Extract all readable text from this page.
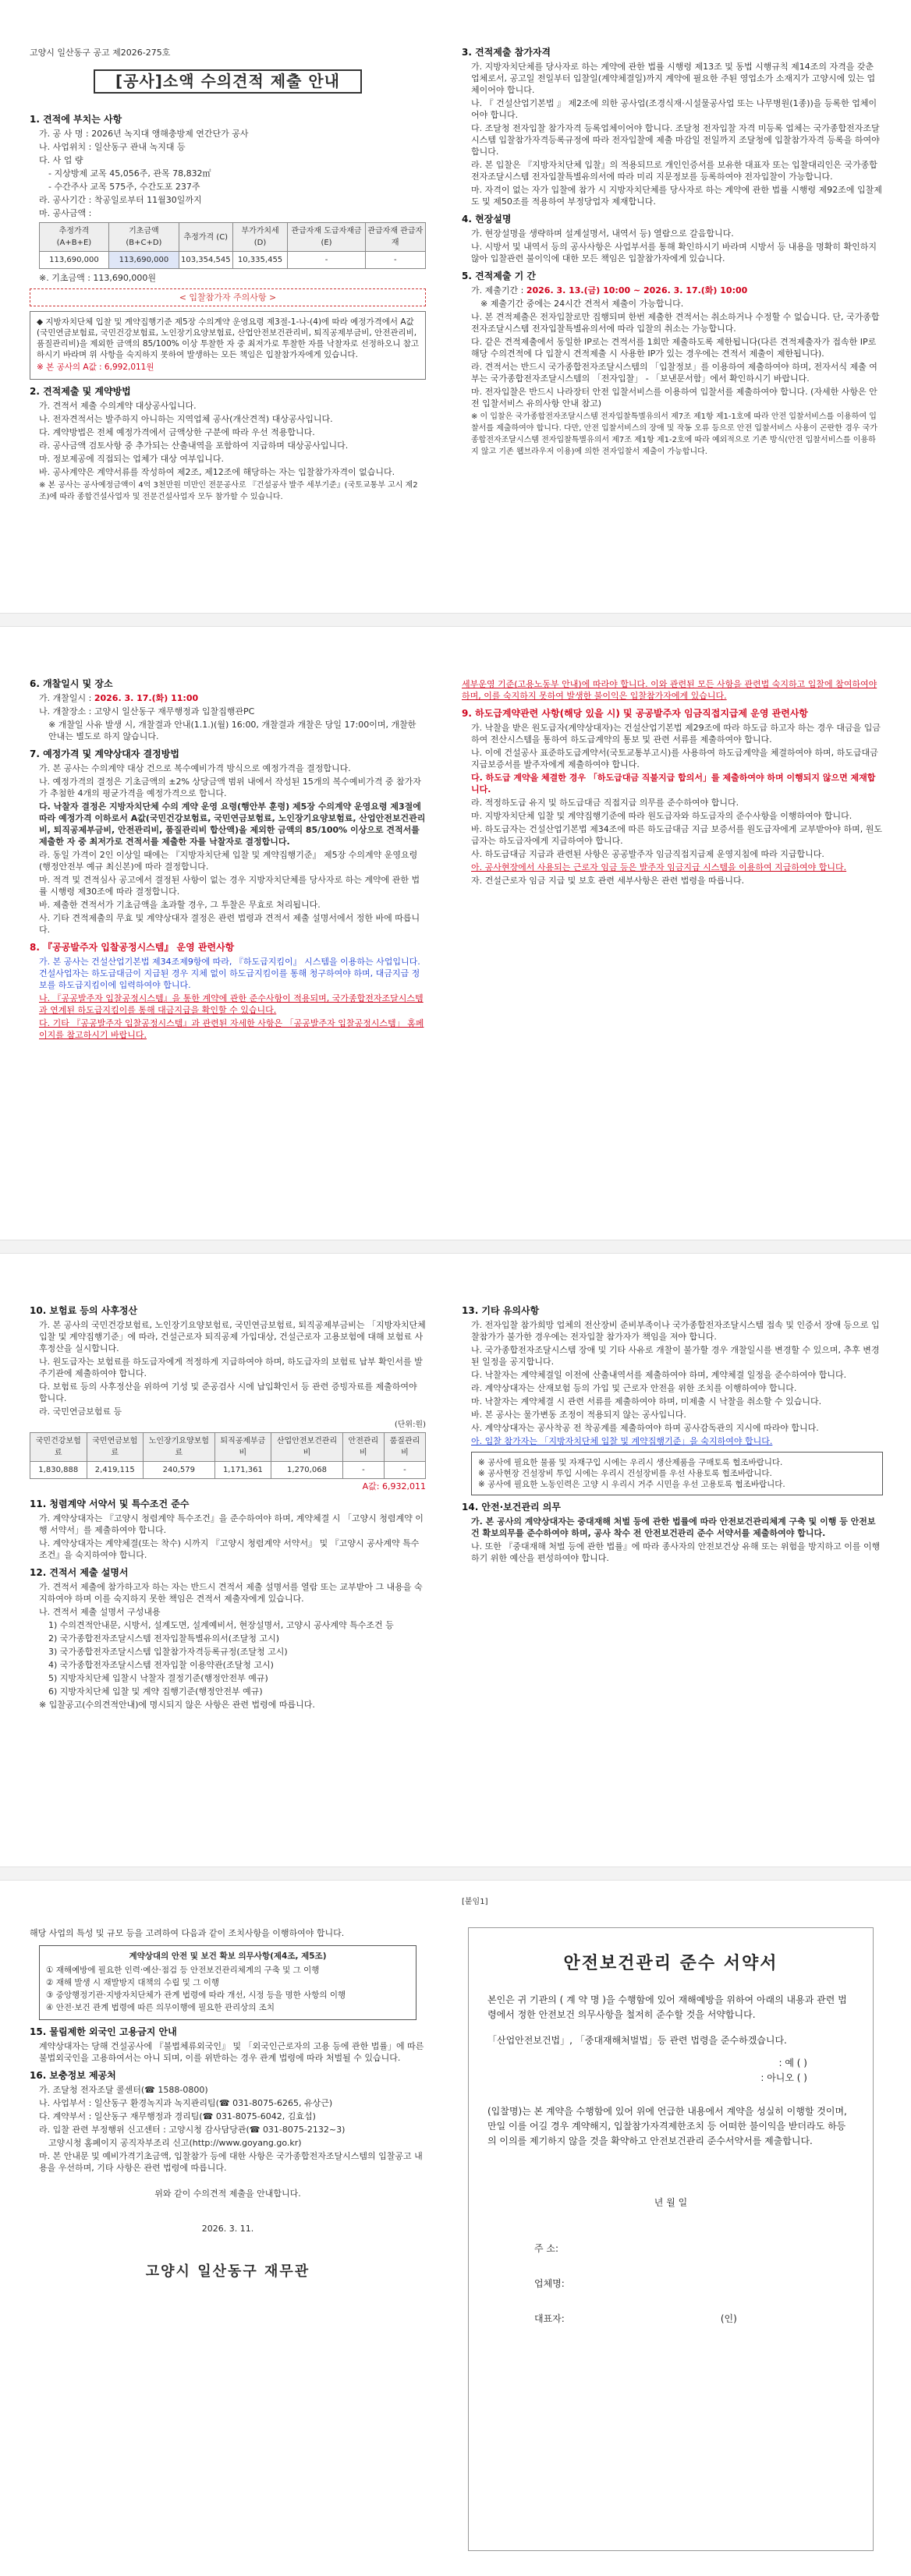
고양시 일산동구 공고 제2026-275호

[공사]소액 수의견적 제출 안내
1. 견적에 부치는 사항

가. 공 사 명 : 2026년 녹지대 앵해충방제 연간단가 공사

나. 사업위치 : 일산동구 관내 녹지대 등

다. 사 업 량

- 지상방제 교목 45,056주, 관목 78,832㎡

- 수간주사 교목 575주, 수간도포 237주

라. 공사기간 : 착공일로부터 11월30일까지

마. 공사금액 :

추정가격 (A+B+E)	기초금액 (B+C+D)	추정가격 (C)	부가가치세 (D)	관급자재 도급자재금(E)	관급자재 관급자재
113,690,000	113,690,000	103,354,545	10,335,455	-	-

※. 기초금액 : 113,690,000원

< 입찰참가자 주의사항 >

◆ 지방자치단체 입찰 및 계약집행기준 제5장 수의계약 운영요령 제3절-1-나-(4)에 따라 예정가격에서 A값(국민연금보험료, 국민건강보험료, 노인장기요양보험료, 산업안전보건관리비, 퇴직공제부금비, 안전관리비, 품질관리비)을 제외한 금액의 85/100% 이상 투찰한 자 중 최저가로 투찰한 자를 낙찰자로 선정하오니 참고하시기 바라며 위 사항을 숙지하지 못하여 발생하는 모든 책임은 입찰참가자에게 있습니다.

※ 본 공사의 A값 : 6,992,011원

2. 견적제출 및 계약방법

가. 견적서 제출 수의계약 대상공사입니다.

나. 전자견적서는 발주하지 아니하는 지역업체 공사(개산견적) 대상공사입니다.

다. 계약방법은 전체 예정가격에서 금액상한 구분에 따라 우선 적용합니다.

라. 공사금액 검토사항 중 추가되는 산출내역을 포함하여 지급하며 대상공사입니다.

마. 정보제공에 직접되는 업체가 대상 여부입니다.

바. 공사계약은 계약서류를 작성하여 제2조, 제12조에 해당하는 자는 입찰참가자격이 없습니다.

※ 본 공사는 공사예정금액이 4억 3천만원 미만인 전문공사로 『건설공사 발주 세부기준』(국토교통부 고시 제2조)에 따라 종합건설사업자 및 전문건설사업자 모두 참가할 수 있습니다.

3. 견적제출 참가자격

가. 지방자치단체를 당사자로 하는 계약에 관한 법률 시행령 제13조 및 동법 시행규칙 제14조의 자격을 갖춘 업체로서, 공고일 전일부터 입찰일(계약체결일)까지 계약에 필요한 주된 영업소가 소재지가 고양시에 있는 업체이어야 합니다.

나. 『 건설산업기본법 』 제2조에 의한 공사업(조경식재·시설물공사업 또는 나무병원(1종))을 등록한 업체이어야 합니다.

다. 조달청 전자입찰 참가자격 등록업체이어야 합니다. 조달청 전자입찰 자격 미등록 업체는 국가종합전자조달시스템 입찰참가자격등록규정에 따라 전자입찰에 제출 마감일 전일까지 조달청에 입찰참가자격 등록을 하여야 합니다.

라. 본 입찰은 『지방자치단체 입찰』의 적용되므로 개인인증서를 보유한 대표자 또는 입찰대리인은 국가종합전자조달시스템 전자입찰특별유의서에 따라 미리 지문정보를 등록하여야 전자입찰이 가능합니다.

마. 자격이 없는 자가 입찰에 참가 시 지방자치단체를 당사자로 하는 계약에 관한 법률 시행령 제92조에 입찰제도 및 제50조를 적용하여 부정당업자 제재합니다.

4. 현장설명

가. 현장설명을 생략하며 설계설명서, 내역서 등) 열람으로 갈음합니다.

나. 시방서 및 내역서 등의 공사사항은 사업부서를 통해 확인하시기 바라며 시방서 등 내용을 명확히 확인하지 않아 입찰관련 불이익에 대한 모든 책임은 입찰참가자에게 있습니다.

5. 견적제출 기 간

가. 제출기간 : 2026. 3. 13.(금) 10:00 ~ 2026. 3. 17.(화) 10:00

※ 제출기간 중에는 24시간 견적서 제출이 가능합니다.

나. 본 견적제출은 전자입찰로만 집행되며 한번 제출한 견적서는 취소하거나 수정할 수 없습니다. 단, 국가종합전자조달시스템 전자입찰특별유의서에 따라 입찰의 취소는 가능합니다.

다. 같은 견적제출에서 동일한 IP로는 견적서를 1회만 제출하도록 제한됩니다(다른 견적제출자가 접속한 IP로 해당 수의견적에 다 입찰시 견적제출 시 사용한 IP가 있는 경우에는 견적서 제출이 제한됩니다).

라. 견적서는 반드시 국가종합전자조달시스템의 「입찰정보」를 이용하여 제출하여야 하며, 전자서식 제출 여부는 국가종합전자조달시스템의 「전자입찰」 - 「보낸문서함」에서 확인하시기 바랍니다.

마. 전자입찰은 반드시 나라장터 안전 입찰서비스를 이용하여 입찰서를 제출하여야 합니다. (자세한 사항은 안전 입찰서비스 유의사항 안내 참고)

※ 이 입찰은 국가종합전자조달시스템 전자입찰특별유의서 제7조 제1항 제1-1호에 따라 안전 입찰서비스를 이용하여 입찰서를 제출하여야 합니다. 다만, 안전 입찰서비스의 장애 및 작동 오류 등으로 안전 입찰서비스 사용이 곤란한 경우 국가종합전자조달시스템 전자입찰특별유의서 제7조 제1항 제1-2호에 따라 예외적으로 기존 방식(안전 입찰서비스를 이용하지 않고 기존 웹브라우저 이용)에 의한 전자입찰서 제출이 가능합니다.

6. 개찰일시 및 장소

가. 개찰일시 : 2026. 3. 17.(화) 11:00

나. 개찰장소 : 고양시 일산동구 재무행정과 입찰집행관PC

※ 개찰일 사유 발생 시, 개찰결과 안내(1.1.)(월) 16:00, 개찰결과 개찰은 당일 17:00이며, 개찰한 안내는 별도로 하지 않습니다.

7. 예정가격 및 계약상대자 결정방법

가. 본 공사는 수의계약 대상 건으로 복수예비가격 방식으로 예정가격을 결정합니다.

나. 예정가격의 결정은 기초금액의 ±2% 상당금액 범위 내에서 작성된 15개의 복수예비가격 중 참가자가 추첨한 4개의 평균가격을 예정가격으로 합니다.

다. 낙찰자 결정은 지방자치단체 수의 계약 운영 요령(행안부 훈령) 제5장 수의계약 운영요령 제3절에 따라 예정가격 이하로서 A값(국민건강보험료, 국민연금보험료, 노인장기요양보험료, 산업안전보건관리비, 퇴직공제부금비, 안전관리비, 품질관리비 합산액)을 제외한 금액의 85/100% 이상으로 견적서를 제출한 자 중 최저가로 견적서를 제출한 자를 낙찰자로 결정합니다.

라. 동일 가격이 2인 이상일 때에는 『지방자치단체 입찰 및 계약집행기준』 제5장 수의계약 운영요령(행정안전부 예규 최신본)에 따라 결정합니다.

마. 적격 및 견적심사 공고에서 결정된 사항이 없는 경우 지방자치단체를 당사자로 하는 계약에 관한 법률 시행령 제30조에 따라 결정합니다.

바. 제출한 견적서가 기초금액을 초과할 경우, 그 투찰은 무효로 처리됩니다.

사. 기타 견적제출의 무효 및 계약상대자 결정은 관련 법령과 견적서 제출 설명서에서 정한 바에 따릅니다.

8. 『공공발주자 입찰공정시스템』 운영 관련사항

가. 본 공사는 건설산업기본법 제34조제9항에 따라, 『하도급지킴이』 시스템을 이용하는 사업입니다. 건설사업자는 하도급대금이 지급된 경우 지체 없이 하도급지킴이를 통해 청구하여야 하며, 대금지급 정보를 하도급지킴이에 입력하여야 합니다.

나. 『공공발주자 입찰공정시스템』을 통한 계약에 관한 준수사항이 적용되며, 국가종합전자조달시스템과 연계된 하도급지킴이를 통해 대금지급을 확인할 수 있습니다.

다. 기타 『공공발주자 입찰공정시스템』과 관련된 자세한 사항은 「공공발주자 입찰공정시스템」 홈페이지를 참고하시기 바랍니다.

세부운영 기준(고용노동부 안내)에 따라야 합니다. 이와 관련된 모든 사항을 관련법 숙지하고 입찰에 참여하여야 하며, 이를 숙지하지 못하여 발생한 불이익은 입찰참가자에게 있습니다.

9. 하도급계약관련 사항(해당 있을 시) 및 공공발주자 임금직접지급제 운영 관련사항

가. 낙찰을 받은 원도급자(계약상대자)는 건설산업기본법 제29조에 따라 하도급 하고자 하는 경우 대금을 입금하여 전산시스템을 통하여 하도급계약의 통보 및 관련 서류를 제출하여야 합니다.

나. 이에 건설공사 표준하도급계약서(국토교통부고시)를 사용하여 하도급계약을 체결하여야 하며, 하도급대금 지급보증서를 발주자에게 제출하여야 합니다.

다. 하도급 계약을 체결한 경우 「하도급대금 직불지급 합의서」를 제출하여야 하며 이행되지 않으면 제재합니다.

라. 적정하도급 유지 및 하도급대금 직접지급 의무를 준수하여야 합니다.

마. 지방자치단체 입찰 및 계약집행기준에 따라 원도급자와 하도급자의 준수사항을 이행하여야 합니다.

바. 하도급자는 건설산업기본법 제34조에 따른 하도급대금 지급 보증서를 원도급자에게 교부받아야 하며, 원도급자는 하도급자에게 지급하여야 합니다.

사. 하도급대금 지급과 관련된 사항은 공공발주자 임금직접지급제 운영지침에 따라 지급합니다.

아. 공사현장에서 사용되는 근로자 임금 등은 발주자 임금지급 시스템을 이용하여 지급하여야 합니다.

자. 건설근로자 임금 지급 및 보호 관련 세부사항은 관련 법령을 따릅니다.

10. 보험료 등의 사후정산

가. 본 공사의 국민건강보험료, 노인장기요양보험료, 국민연금보험료, 퇴직공제부금비는 「지방자치단체 입찰 및 계약집행기준」에 따라, 건설근로자 퇴직공제 가입대상, 건설근로자 고용보험에 대해 보험료 사후정산을 실시합니다.

나. 원도급자는 보험료를 하도급자에게 적정하게 지급하여야 하며, 하도급자의 보험료 납부 확인서를 발주기관에 제출하여야 합니다.

다. 보험료 등의 사후정산을 위하여 기성 및 준공검사 시에 납입확인서 등 관련 증빙자료를 제출하여야 합니다.

라. 국민연금보험료 등

(단위:원)

국민건강보험료	국민연금보험료	노인장기요양보험료	퇴직공제부금비	산업안전보건관리비	안전관리비	품질관리비
1,830,888	2,419,115	240,579	1,171,361	1,270,068	-	-

A값: 6,932,011

11. 청렴계약 서약서 및 특수조건 준수

가. 계약상대자는 『고양시 청렴계약 특수조건』을 준수하여야 하며, 계약체결 시 「고양시 청렴계약 이행 서약서」를 제출하여야 합니다.

나. 계약상대자는 계약체결(또는 착수) 시까지 『고양시 청렴계약 서약서』 및 『고양시 공사계약 특수조건』을 숙지하여야 합니다.

12. 견적서 제출 설명서

가. 견적서 제출에 참가하고자 하는 자는 반드시 견적서 제출 설명서를 열람 또는 교부받아 그 내용을 숙지하여야 하며 이를 숙지하지 못한 책임은 견적서 제출자에게 있습니다.

나. 견적서 제출 설명서 구성내용

1) 수의견적안내문, 시방서, 설계도면, 설계예비서, 현장설명서, 고양시 공사계약 특수조건 등

2) 국가종합전자조달시스템 전자입찰특별유의서(조달청 고시)

3) 국가종합전자조달시스템 입찰참가자격등록규정(조달청 고시)

4) 국가종합전자조달시스템 전자입찰 이용약관(조달청 고시)

5) 지방자치단체 입찰시 낙찰자 결정기준(행정안전부 예규)

6) 지방자치단체 입찰 및 계약 집행기준(행정안전부 예규)

※ 입찰공고(수의견적안내)에 명시되지 않은 사항은 관련 법령에 따릅니다.

13. 기타 유의사항

가. 전자입찰 참가희망 업체의 전산장비 준비부족이나 국가종합전자조달시스템 접속 및 인증서 장애 등으로 입찰참가가 불가한 경우에는 전자입찰 참가자가 책임을 져야 합니다.

나. 국가종합전자조달시스템 장애 및 기타 사유로 개찰이 불가할 경우 개찰일시를 변경할 수 있으며, 추후 변경된 일정을 공지합니다.

다. 낙찰자는 계약체결일 이전에 산출내역서를 제출하여야 하며, 계약체결 일정을 준수하여야 합니다.

라. 계약상대자는 산재보험 등의 가입 및 근로자 안전을 위한 조치를 이행하여야 합니다.

마. 낙찰자는 계약체결 시 관련 서류를 제출하여야 하며, 미제출 시 낙찰을 취소할 수 있습니다.

바. 본 공사는 물가변동 조정이 적용되지 않는 공사입니다.

사. 계약상대자는 공사착공 전 착공계를 제출하여야 하며 공사감독관의 지시에 따라야 합니다.

아. 입찰 참가자는 「지방자치단체 입찰 및 계약집행기준」을 숙지하여야 합니다.

※ 공사에 필요한 물품 및 자재구입 시에는 우리시 생산제품을 구매토록 협조바랍니다.
※ 공사현장 건설장비 투입 시에는 우리시 건설장비를 우선 사용토록 협조바랍니다.
※ 공사에 필요한 노동인력은 고양 시 우리시 거주 시민을 우선 고용토록 협조바랍니다.
14. 안전·보건관리 의무

가. 본 공사의 계약상대자는 중대재해 처벌 등에 관한 법률에 따라 안전보건관리체계 구축 및 이행 등 안전보건 확보의무를 준수하여야 하며, 공사 착수 전 안전보건관리 준수 서약서를 제출하여야 합니다.

나. 또한 『중대재해 처벌 등에 관한 법률』에 따라 종사자의 안전보건상 유해 또는 위험을 방지하고 이를 이행하기 위한 예산을 편성하여야 합니다.

해당 사업의 특성 및 규모 등을 고려하여 다음과 같이 조치사항을 이행하여야 합니다.

계약상대의 안전 및 보건 확보 의무사항(제4조, 제5조)

① 재해예방에 필요한 인력·예산·점검 등 안전보건관리체계의 구축 및 그 이행

② 재해 발생 시 재발방지 대책의 수립 및 그 이행

③ 중앙행정기관·지방자치단체가 관계 법령에 따라 개선, 시정 등을 명한 사항의 이행

④ 안전·보건 관계 법령에 따른 의무이행에 필요한 관리상의 조치

15. 물림제한 외국인 고용금지 안내

계약상대자는 당해 건설공사에 『불법체류외국인』 및 「외국인근로자의 고용 등에 관한 법률」에 따른 불법외국인을 고용하여서는 아니 되며, 이를 위반하는 경우 관계 법령에 따라 처벌될 수 있습니다.

16. 보충정보 제공처

가. 조달청 전자조달 콜센터(☎ 1588-0800)

나. 사업부서 : 일산동구 환경녹지과 녹지관리팀(☎ 031-8075-6265, 유상근)

다. 계약부서 : 일산동구 재무행정과 경리팀(☎ 031-8075-6042, 김효섭)

라. 입찰 관련 부정행위 신고센터 : 고양시청 감사담당관(☎ 031-8075-2132~3)

고양시청 홈페이지 공직자부조리 신고(http://www.goyang.go.kr)

마. 본 안내문 및 예비가격기초금액, 입찰참가 등에 대한 사항은 국가종합전자조달시스템의 입찰공고 내용을 우선하며, 기타 사항은 관련 법령에 따릅니다.

위와 같이 수의견적 제출을 안내합니다.

2026. 3. 11.

고양시 일산동구 재무관

[붙임1]

안전보건관리 준수 서약서

본인은 귀 기관의 ( 계 약 명 )을 수행함에 있어 재해예방을 위하여 아래의 내용과 관련 법령에서 정한 안전보건 의무사항을 철저히 준수할 것을 서약합니다.

「산업안전보건법」, 「중대재해처벌법」등 관련 법령을 준수하겠습니다.

: 예 ( )

: 아니오 ( )

(입찰명)는 본 계약을 수행함에 있어 위에 언급한 내용에서 계약을 성실히 이행할 것이며, 만일 이를 어길 경우 계약해지, 입찰참가자격제한조치 등 어떠한 불이익을 받더라도 하등의 이의를 제기하지 않을 것을 확약하고 안전보건관리 준수서약서를 제출합니다.

년 월 일

주 소:

업체명:

대표자:	(인)
